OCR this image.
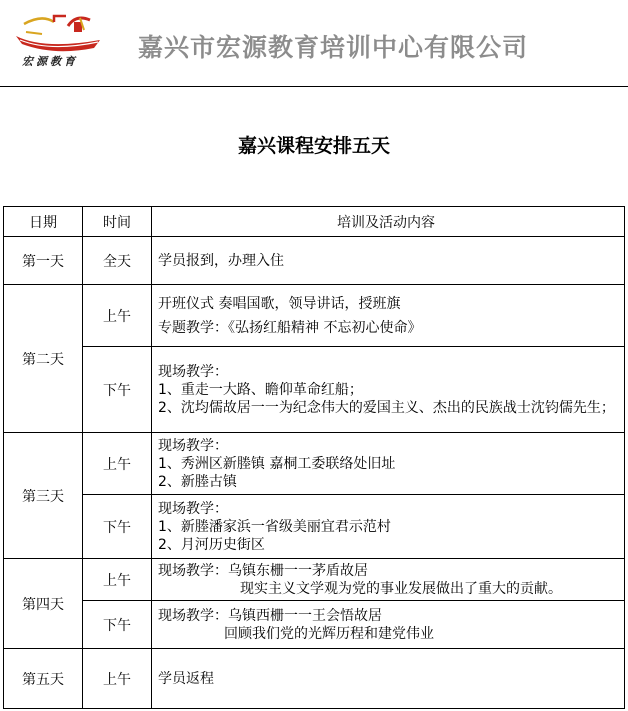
宏源教育 嘉兴市宏源教育培训中心有限公司
嘉兴课程安排五天
日期	时间	培训及活动内容
第一天	全天	学员报到，办理入住

第二天	上午	开班仪式 奏唱国歌，领导讲话，授班旗
专题教学：《弘扬红船精神 不忘初心使命》

	下午	现场教学：
1、重走一大路、瞻仰革命红船；
2、沈均儒故居一一为纪念伟大的爱国主义、杰出的民族战士沈钧儒先生；

第三天	上午	现场教学：
1、秀洲区新塍镇 嘉桐工委联络处旧址
2、新塍古镇

	下午	现场教学：
1、新塍潘家浜一省级美丽宜君示范村
2、月河历史街区

第四天	上午	现场教学：乌镇东栅一一茅盾故居
现实主义文学观为党的事业发展做出了重大的贡献。

	下午	现场教学：乌镇西栅一一王会悟故居
回顾我们党的光辉历程和建党伟业

第五天	上午	学员返程
